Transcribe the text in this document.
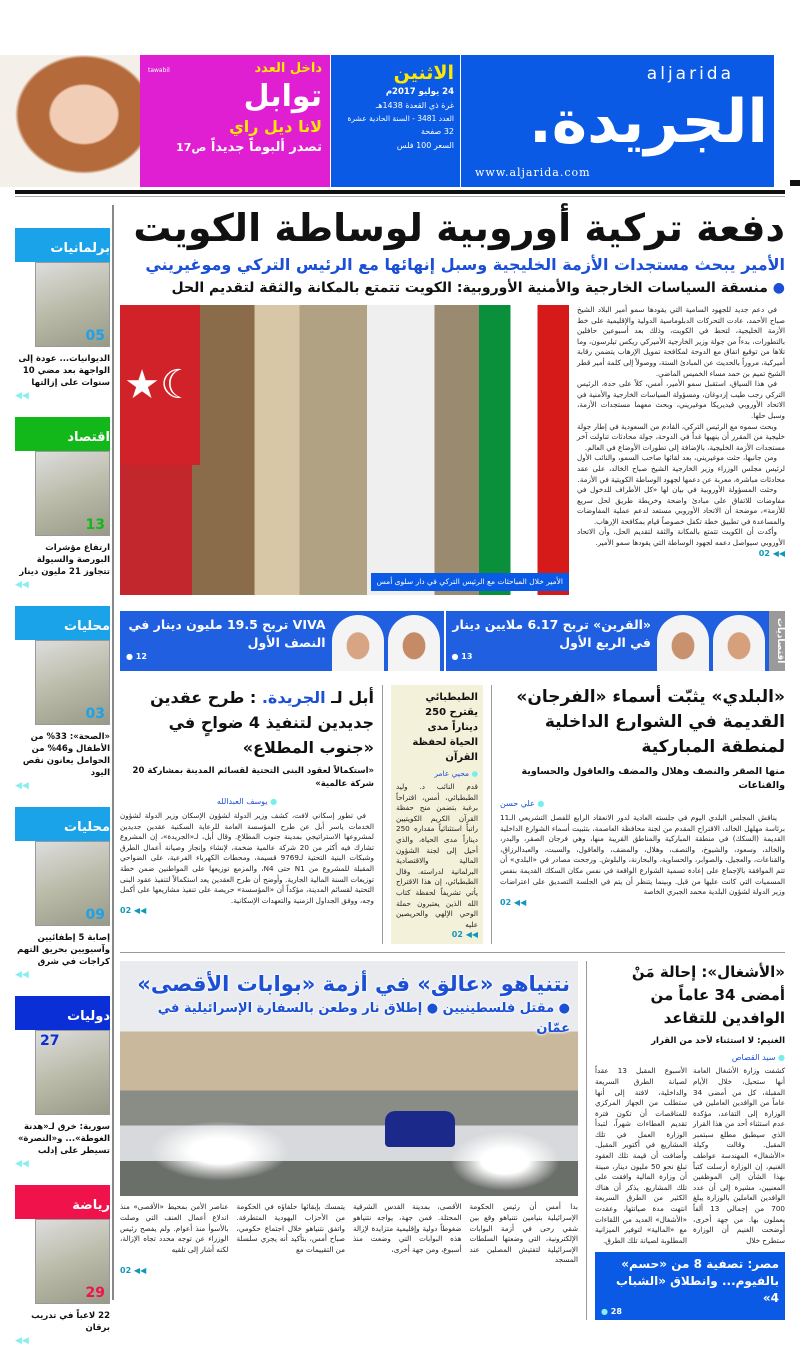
داخل العدد
tawabil
توابل
لانا ديل راي
تصدر ألبوماً جديداً ص17
الاثنين
24 يوليو 2017م
غرة ذي القعدة 1438هـ
العدد 3481 - السنة الحادية عشرة
32 صفحة
السعر 100 فلس
aljarida
الجريدة.
www.aljarida.com
برلمانيات
05
الديوانيات... عودة إلى الواجهة بعد مضي 10 سنوات على إزالتها
◀◀
اقتصاد
13
ارتفاع مؤشرات البورصة والسيولة تتجاوز 21 مليون دينار
◀◀
محليات
03
«الصحة»: 33% من الأطفال و46% من الحوامل يعانون نقص اليود
◀◀
محليات
09
إصابة 5 إطفائيين وآسيويين بحريق التهم كراجات في شرق
◀◀
دوليات
27
سورية: خرق لـ«هدنة الغوطة»... و«النصرة» تسيطر على إدلب
◀◀
رياضة
29
22 لاعباً في تدريب برقان
◀◀
دفعة تركية أوروبية لوساطة الكويت
الأمير يبحث مستجدات الأزمة الخليجية وسبل إنهائها مع الرئيس التركي وموغيريني
● منسقة السياسات الخارجية والأمنية الأوروبية: الكويت تتمتع بالمكانة والثقة لتقديم الحل

في دعم جديد للجهود السامية التي يقودها سمو أمير البلاد الشيخ صباح الأحمد، عادت التحركات الدبلوماسية الدولية والإقليمية على خط الأزمة الخليجية، لتحط في الكويت، وذلك بعد أسبوعين حافلين بالتطورات، بدءاً من جولة وزير الخارجية الأميركي ريكس تيلرسون، وما تلاها من توقيع اتفاق مع الدوحة لمكافحة تمويل الإرهاب يتضمن رقابة أميركية، مروراً بالحديث عن المبادئ الستة، ووصولاً إلى كلمة أمير قطر الشيخ تميم بن حمد مساء الخميس الماضي.

في هذا السياق، استقبل سمو الأمير، أمس، كلاً على حدة، الرئيس التركي رجب طيب إردوغان، ومسؤولة السياسات الخارجية والأمنية في الاتحاد الأوروبي فيديريكا موغيريني، وبحث معهما مستجدات الأزمة، وسبل حلها.

وبحث سموه مع الرئيس التركي، القادم من السعودية في إطار جولة خليجية من المقرر أن ينهيها غداً في الدوحة، جولة محادثات تناولت آخر مستجدات الأزمة الخليجية، بالإضافة إلى تطورات الأوضاع في العالم.

ومن جانبها، حثت موغيريني، بعد لقائها صاحب السمو، والنائب الأول لرئيس مجلس الوزراء وزير الخارجية الشيخ صباح الخالد، على عقد محادثات مباشرة، معربة عن دعمها لجهود الوساطة الكويتية في الأزمة.

وحثت المسؤولة الأوروبية في بيان لها «كل الأطراف للدخول في مفاوضات للاتفاق على مبادئ واضحة وخريطة طريق لحل سريع للأزمة»، موضحة أن الاتحاد الأوروبي مستعد لدعم عملية المفاوضات والمساعدة في تطبيق خطة تكفل خصوصاً قيام بمكافحة الإرهاب.

وأكدت أن الكويت تتمتع بالمكانة والثقة لتقديم الحل، وأن الاتحاد الأوروبي سيواصل دعمه لجهود الوساطة التي يقودها سمو الأمير.

◀◀ 02
☾★
الأمير خلال المباحثات مع الرئيس التركي في دار سلوى أمس
اقتصاديات
«القرين» تربح 6.17 ملايين دينار في الربع الأول
13 ●
VIVA تربح 19.5 مليون دينار في النصف الأول
12 ●
«البلدي» يثبّت أسماء «الفرجان» القديمة في الشوارع الداخلية لمنطقة المباركية
منها الصقر والنصف وهلال والمضف والعاقول والحساوية والقناعات
● علي حسن

يناقش المجلس البلدي اليوم في جلسته العادية لدور الانعقاد الرابع للفصل التشريعي الـ11 برئاسة مهلهل الخالد، الاقتراح المقدم من لجنة محافظة العاصمة، بتثبيت أسماء الشوارع الداخلية القديمة (السكك) في منطقة المباركية والمناطق القريبة منها، وهي فرجان الصقر، والبدر، والخالد، وسعود، والشيوخ، والنصف، وهلال، والمضف، والعاقول، والسبت، والعبدالرزاق، والقناعات، والعجيل، والصوابر، والحساوية، والبحارنة، والبلوش. ورجحت مصادر في «البلدي» أن تتم الموافقة بالإجماع على إعادة تسمية الشوارع الواقعة في نفس مكان السكك القديمة بنفس المسميات التي كانت عليها من قبل. وبينما يتنظر أن يتم في الجلسة التصديق على اعتراضات وزير الدولة لشؤون البلدية محمد الجبري الخاصة

◀◀ 02
الطبطبائي يقترح 250 ديناراً مدى الحياة لحفظة القرآن
● محيي عامر

قدم النائب د. وليد الطبطبائي، أمس، اقتراحاً برغبة بتضمن منح حفظة القرآن الكريم الكويتيين راتباً استثنائياً مقداره 250 ديناراً مدى الحياة، والذي أحيل إلى لجنة الشؤون المالية والاقتصادية البرلمانية لدراسته. وقال الطبطبائي، إن هذا الاقتراح يأتي تشريفاً لحفظة كتاب الله الذين يعتبرون حملة الوحي الإلهي والحريصين عليه

◀◀ 02
أبل لـ الجريدة. : طرح عقدين جديدين لتنفيذ 4 ضواحٍ في «جنوب المطلاع»
«استكمالاً لعقود البنى التحتية لقسائم المدينة بمشاركة 20 شركة عالمية»
● يوسف العبدالله

في تطور إسكاني لافت، كشف وزير الدولة لشؤون الإسكان وزير الدولة لشؤون الخدمات ياسر أبل عن طرح المؤسسة العامة للرعاية السكنية عقدين جديدين لمشروعها الاستراتيجي بمدينة جنوب المطلاع. وقال أبل، لـ«الجريدة»، إن المشروع تشارك فيه أكثر من 20 شركة عالمية ضخمة، لإنشاء وإنجاز وصيانة أعمال الطرق وشبكات البنية التحتية لـ9769 قسيمة، ومحطات الكهرباء الفرعية، على الضواحي المقبلة للمشروع من N1 حتى N4، والمزمع توزيعها على المواطنين ضمن خطة توزيعات السنة المالية الجارية. وأوضح أن طرح العقدين يعد استكمالاً لتنفيذ عقود البنى التحتية لقسائم المدينة، مؤكداً أن «المؤسسة» حريصة على تنفيذ مشاريعها على أكمل وجه، ووفق الجداول الزمنية والتعهدات الإسكانية.

◀◀ 02
«الأشغال»: إحالة مَنْ أمضى 34 عاماً من الوافدين للتقاعد
الغنيم: لا استثناء لأحد من القرار
● سيد القصاص

كشفت وزارة الأشغال العامة أنها ستحيل، خلال الأيام المقبلة، كل من أمضى 34 عاماً من الوافدين العاملين في الوزارة إلى التقاعد، مؤكدة عدم استثناء أحد من هذا القرار الذي سيطبق مطلع سبتمبر المقبل. وقالت وكيلة «الأشغال» المهندسة عواطف الغنيم، إن الوزارة أرسلت كتباً بهذا الشأن إلى الموظفين المعنيين، مشيرة إلى أن عدد الوافدين العاملين بالوزارة يبلغ 700 من إجمالي 13 ألفاً يعملون بها. من جهة أخرى، أوضحت الغنيم أن الوزارة ستطرح خلال

الأسبوع المقبل 13 عقداً لصيانة الطرق السريعة والداخلية، لافتة إلى أنها ستطلب من الجهاز المركزي للمناقصات أن تكون فترة تقديم العطاءات شهراً، لتبدأ الوزارة العمل في تلك المشاريع في أكتوبر المقبل. وأضافت أن قيمة تلك العقود تبلغ نحو 50 مليون دينار، مبينة أن وزارة المالية وافقت على تلك المشاريع. يذكر أن هناك الكثير من الطرق السريعة انتهت مدة صيانتها، وعقدت «الأشغال» العديد من اللقاءات مع «المالية» لتوفير الميزانية المطلوبة لصيانة تلك الطرق.

مصر: تصفية 8 من «حسم» بالفيوم... وانطلاق «الشباب 4»
28 ●
نتنياهو «عالق» في أزمة «بوابات الأقصى»
● مقتل فلسطينيين ● إطلاق نار وطعن بالسفارة الإسرائيلية في عمّان

بدا أمس أن رئيس الحكومة الإسرائيلية بنيامين نتنياهو وقع بين شقي رحى في أزمة البوابات الإلكترونية، التي وضعتها السلطات الإسرائيلية لتفتيش المصلين عند المسجد

الأقصى، بمدينة القدس الشرقية المحتلة. فمن جهة، يواجه نتنياهو ضغوطاً دولية وإقليمية متزايدة لإزالة هذه البوابات التي وضعت منذ أسبوع، ومن جهة أخرى،

يتمسك بإبقائها حلفاؤه في الحكومة من الأحزاب اليهودية المتطرفة. واتفق نتنياهو خلال اجتماع حكومي، صباح أمس، بتأكيد أنه يجري سلسلة من التقييمات مع

عناصر الأمن بمحيط «الأقصى» منذ اندلاع أعمال العنف التي وصلت بالأسوأ منذ أعوام. ولم يفصح رئيس الوزراء عن توجه محدد تجاه الإزالة، لكنه أشار إلى تلقيه

◀◀ 02
